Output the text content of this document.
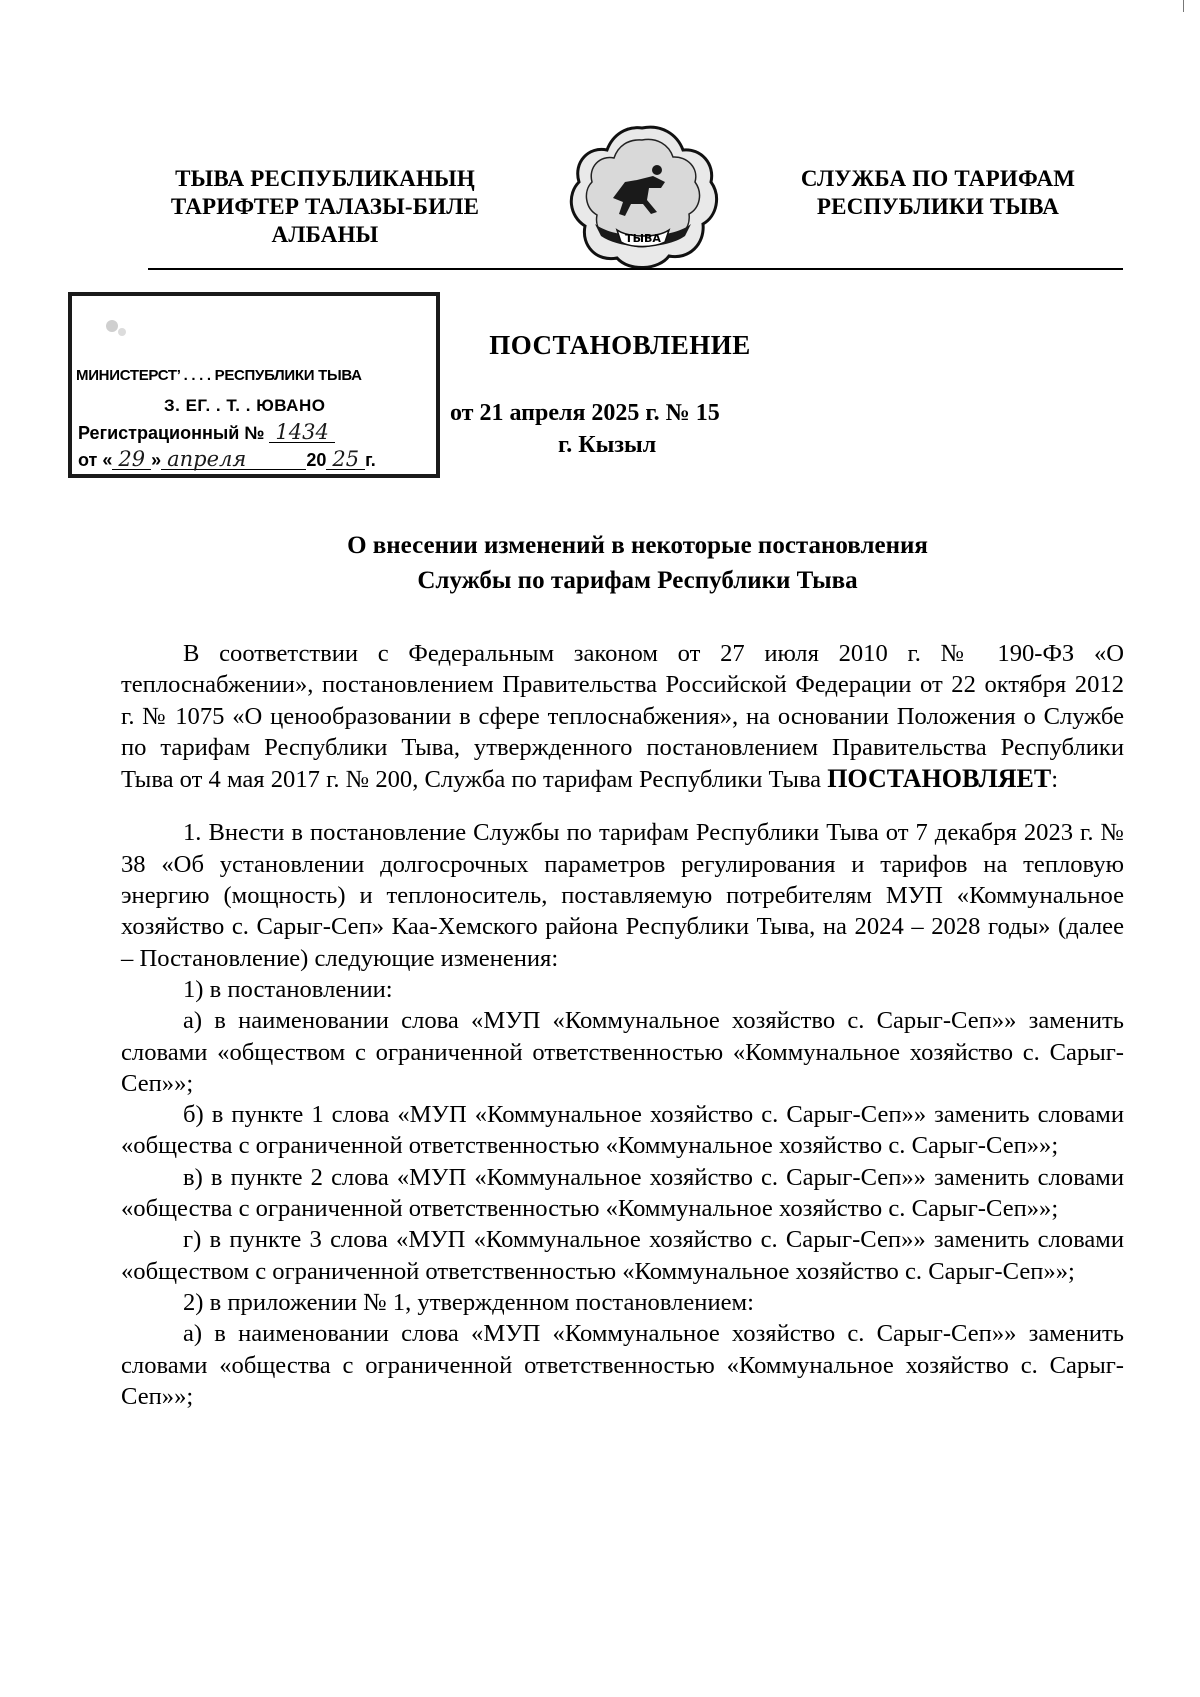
ТЫВА РЕСПУБЛИКАНЫҢ
ТАРИФТЕР ТАЛАЗЫ-БИЛЕ
АЛБАНЫ	ТЫВА
СЛУЖБА ПО ТАРИФАМ
РЕСПУБЛИКИ ТЫВА
МИНИСТЕРСТ’ . . . . РЕСПУБЛИКИ ТЫВА
З. ЕГ. . Т. . ЮВАНО
Регистрационный № 1434
от « 29 » апреля	20 25 г.
ПОСТАНОВЛЕНИЕ
от 21 апреля 2025 г. № 15
г. Кызыл
О внесении изменений в некоторые постановления
Службы по тарифам Республики Тыва

В соответствии с Федеральным законом от 27 июля 2010 г. № 190-ФЗ «О теплоснабжении», постановлением Правительства Российской Федерации от 22 октября 2012 г. № 1075 «О ценообразовании в сфере теплоснабжения», на основании Положения о Службе по тарифам Республики Тыва, утвержденного постановлением Правительства Республики Тыва от 4 мая 2017 г. № 200, Служба по тарифам Республики Тыва ПОСТАНОВЛЯЕТ:

1. Внести в постановление Службы по тарифам Республики Тыва от 7 декабря 2023 г. № 38 «Об установлении долгосрочных параметров регулирования и тарифов на тепловую энергию (мощность) и теплоноситель, поставляемую потребителям МУП «Коммунальное хозяйство с. Сарыг-Сеп» Каа-Хемского района Республики Тыва, на 2024 – 2028 годы» (далее – Постановление) следующие изменения:

1) в постановлении:

а) в наименовании слова «МУП «Коммунальное хозяйство с. Сарыг-Сеп»» заменить словами «обществом с ограниченной ответственностью «Коммунальное хозяйство с. Сарыг-Сеп»»;

б) в пункте 1 слова «МУП «Коммунальное хозяйство с. Сарыг-Сеп»» заменить словами «общества с ограниченной ответственностью «Коммунальное хозяйство с. Сарыг-Сеп»»;

в) в пункте 2 слова «МУП «Коммунальное хозяйство с. Сарыг-Сеп»» заменить словами «общества с ограниченной ответственностью «Коммунальное хозяйство с. Сарыг-Сеп»»;

г) в пункте 3 слова «МУП «Коммунальное хозяйство с. Сарыг-Сеп»» заменить словами «обществом с ограниченной ответственностью «Коммунальное хозяйство с. Сарыг-Сеп»»;

2) в приложении № 1, утвержденном постановлением:

а) в наименовании слова «МУП «Коммунальное хозяйство с. Сарыг-Сеп»» заменить словами «общества с ограниченной ответственностью «Коммунальное хозяйство с. Сарыг-Сеп»»;
